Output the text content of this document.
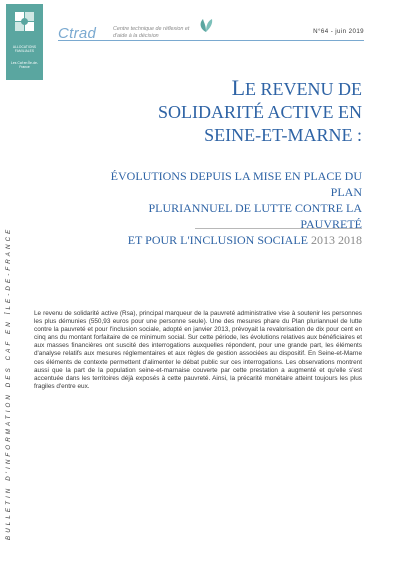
ALLOCATIONS FAMILIALES
Les Caf en Île-de-France
Ctrad	Centre technique de réflexion et d'aide à la décision
N°64 - juin 2019
BULLETIN D'INFORMATION DES CAF EN ÎLE-DE-FRANCE
LE REVENU DE
SOLIDARITÉ ACTIVE EN
SEINE-ET-MARNE :
ÉVOLUTIONS DEPUIS LA MISE EN PLACE DU PLAN
PLURIANNUEL DE LUTTE CONTRE LA PAUVRETÉ
ET POUR L'INCLUSION SOCIALE 2013 2018

Le revenu de solidarité active (Rsa), principal marqueur de la pauvreté administrative vise à soutenir les personnes les plus démunies (550,93 euros pour une personne seule). Une des mesures phare du Plan pluriannuel de lutte contre la pauvreté et pour l'inclusion sociale, adopté en janvier 2013, prévoyait la revalorisation de dix pour cent en cinq ans du montant forfaitaire de ce minimum social. Sur cette période, les évolutions relatives aux bénéficiaires et aux masses financières ont suscité des interrogations auxquelles répondent, pour une grande part, les éléments d'analyse relatifs aux mesures réglementaires et aux règles de gestion associées au dispositif. En Seine-et-Marne ces éléments de contexte permettent d'alimenter le débat public sur ces interrogations. Les observations montrent aussi que la part de la population seine-et-marnaise couverte par cette prestation a augmenté et qu'elle s'est accentuée dans les territoires déjà exposés à cette pauvreté. Ainsi, la précarité monétaire atteint toujours les plus fragiles d'entre eux.
